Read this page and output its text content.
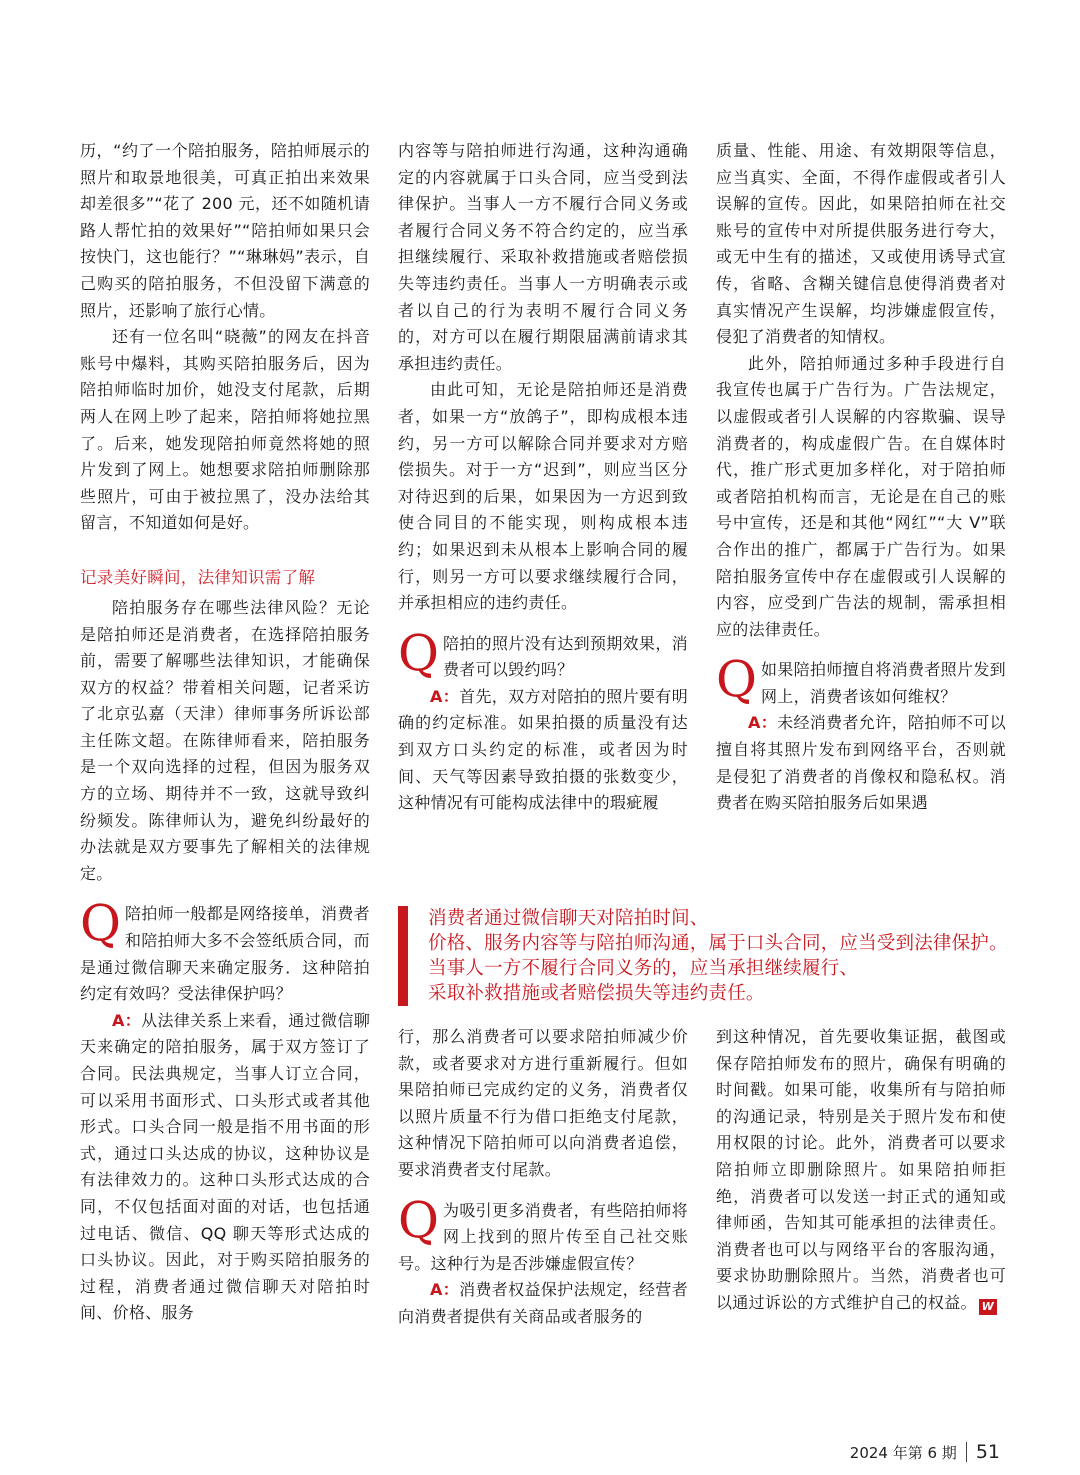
历，“约了一个陪拍服务，陪拍师展示的照片和取景地很美，可真正拍出来效果却差很多”“花了 200 元，还不如随机请路人帮忙拍的效果好”“陪拍师如果只会按快门，这也能行？”“琳琳妈”表示，自己购买的陪拍服务，不但没留下满意的照片，还影响了旅行心情。

还有一位名叫“晓薇”的网友在抖音账号中爆料，其购买陪拍服务后，因为陪拍师临时加价，她没支付尾款，后期两人在网上吵了起来，陪拍师将她拉黑了。后来，她发现陪拍师竟然将她的照片发到了网上。她想要求陪拍师删除那些照片，可由于被拉黑了，没办法给其留言，不知道如何是好。

记录美好瞬间，法律知识需了解

陪拍服务存在哪些法律风险？无论是陪拍师还是消费者，在选择陪拍服务前，需要了解哪些法律知识，才能确保双方的权益？带着相关问题，记者采访了北京弘嘉（天津）律师事务所诉讼部主任陈文超。在陈律师看来，陪拍服务是一个双向选择的过程，但因为服务双方的立场、期待并不一致，这就导致纠纷频发。陈律师认为，避免纠纷最好的办法就是双方要事先了解相关的法律规定。

Q 陪拍师一般都是网络接单，消费者和陪拍师大多不会签纸质合同，而是通过微信聊天来确定服务．这种陪拍约定有效吗？受法律保护吗？

A：从法律关系上来看，通过微信聊天来确定的陪拍服务，属于双方签订了合同。民法典规定，当事人订立合同，可以采用书面形式、口头形式或者其他形式。口头合同一般是指不用书面的形式，通过口头达成的协议，这种协议是有法律效力的。这种口头形式达成的合同，不仅包括面对面的对话，也包括通过电话、微信、QQ 聊天等形式达成的口头协议。因此，对于购买陪拍服务的过程，消费者通过微信聊天对陪拍时间、价格、服务

内容等与陪拍师进行沟通，这种沟通确定的内容就属于口头合同，应当受到法律保护。当事人一方不履行合同义务或者履行合同义务不符合约定的，应当承担继续履行、采取补救措施或者赔偿损失等违约责任。当事人一方明确表示或者以自己的行为表明不履行合同义务的，对方可以在履行期限届满前请求其承担违约责任。

由此可知，无论是陪拍师还是消费者，如果一方“放鸽子”，即构成根本违约，另一方可以解除合同并要求对方赔偿损失。对于一方“迟到”，则应当区分对待迟到的后果，如果因为一方迟到致使合同目的不能实现，则构成根本违约；如果迟到未从根本上影响合同的履行，则另一方可以要求继续履行合同，并承担相应的违约责任。

Q 陪拍的照片没有达到预期效果，消费者可以毁约吗？

A：首先，双方对陪拍的照片要有明确的约定标准。如果拍摄的质量没有达到双方口头约定的标准，或者因为时间、天气等因素导致拍摄的张数变少，这种情况有可能构成法律中的瑕疵履

质量、性能、用途、有效期限等信息，应当真实、全面，不得作虚假或者引人误解的宣传。因此，如果陪拍师在社交账号的宣传中对所提供服务进行夸大，或无中生有的描述，又或使用诱导式宣传，省略、含糊关键信息使得消费者对真实情况产生误解，均涉嫌虚假宣传，侵犯了消费者的知情权。

此外，陪拍师通过多种手段进行自我宣传也属于广告行为。广告法规定，以虚假或者引人误解的内容欺骗、误导消费者的，构成虚假广告。在自媒体时代，推广形式更加多样化，对于陪拍师或者陪拍机构而言，无论是在自己的账号中宣传，还是和其他“网红”“大 V”联合作出的推广，都属于广告行为。如果陪拍服务宣传中存在虚假或引人误解的内容，应受到广告法的规制，需承担相应的法律责任。

Q 如果陪拍师擅自将消费者照片发到网上，消费者该如何维权？

A：未经消费者允许，陪拍师不可以擅自将其照片发布到网络平台，否则就是侵犯了消费者的肖像权和隐私权。消费者在购买陪拍服务后如果遇

消费者通过微信聊天对陪拍时间、

价格、服务内容等与陪拍师沟通，属于口头合同，应当受到法律保护。

当事人一方不履行合同义务的，应当承担继续履行、

采取补救措施或者赔偿损失等违约责任。

行，那么消费者可以要求陪拍师减少价款，或者要求对方进行重新履行。但如果陪拍师已完成约定的义务，消费者仅以照片质量不行为借口拒绝支付尾款，这种情况下陪拍师可以向消费者追偿，要求消费者支付尾款。

Q 为吸引更多消费者，有些陪拍师将网上找到的照片传至自己社交账号。这种行为是否涉嫌虚假宣传？

A：消费者权益保护法规定，经营者向消费者提供有关商品或者服务的

到这种情况，首先要收集证据，截图或保存陪拍师发布的照片，确保有明确的时间戳。如果可能，收集所有与陪拍师的沟通记录，特别是关于照片发布和使用权限的讨论。此外，消费者可以要求陪拍师立即删除照片。如果陪拍师拒绝，消费者可以发送一封正式的通知或律师函，告知其可能承担的法律责任。消费者也可以与网络平台的客服沟通，要求协助删除照片。当然，消费者也可以通过诉讼的方式维护自己的权益。 W

2024 年第 6 期 51
